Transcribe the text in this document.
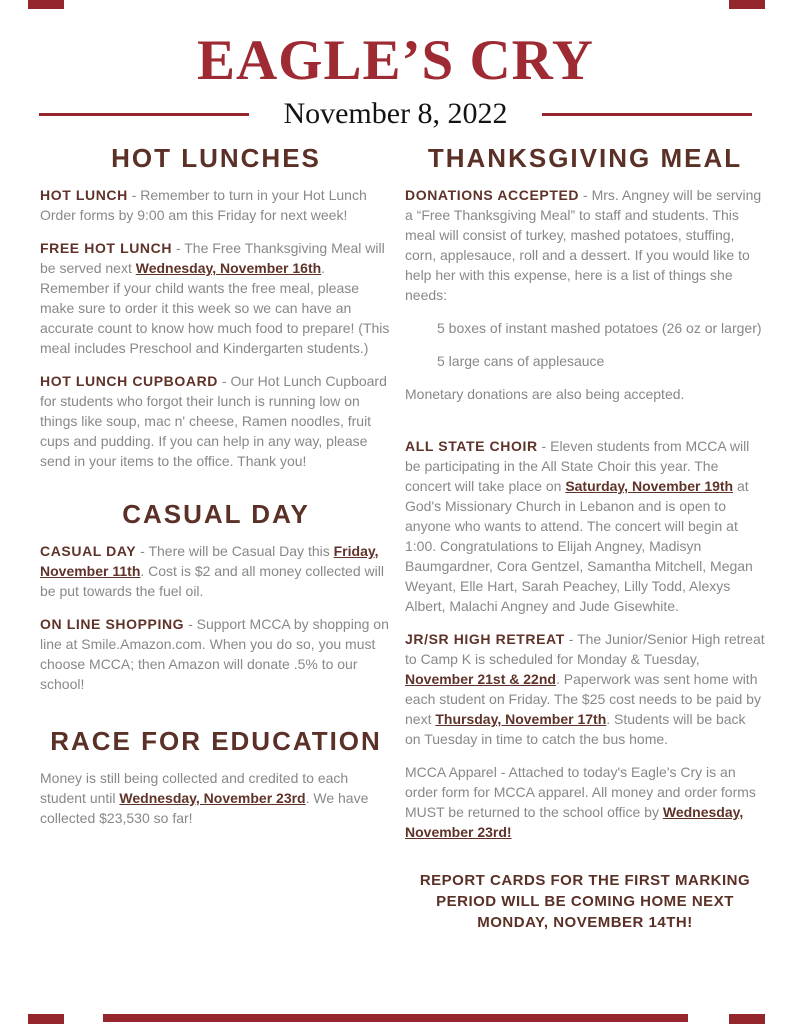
EAGLE’S CRY
November 8, 2022
HOT LUNCHES

HOT LUNCH - Remember to turn in your Hot Lunch Order forms by 9:00 am this Friday for next week!

FREE HOT LUNCH - The Free Thanksgiving Meal will be served next Wednesday, November 16th. Remember if your child wants the free meal, please make sure to order it this week so we can have an accurate count to know how much food to prepare! (This meal includes Preschool and Kindergarten students.)

HOT LUNCH CUPBOARD - Our Hot Lunch Cupboard for students who forgot their lunch is running low on things like soup, mac n' cheese, Ramen noodles, fruit cups and pudding. If you can help in any way, please send in your items to the office. Thank you!

CASUAL DAY

CASUAL DAY - There will be Casual Day this Friday, November 11th. Cost is $2 and all money collected will be put towards the fuel oil.

ON LINE SHOPPING - Support MCCA by shopping on line at Smile.Amazon.com. When you do so, you must choose MCCA; then Amazon will donate .5% to our school!

RACE FOR EDUCATION

Money is still being collected and credited to each student until Wednesday, November 23rd. We have collected $23,530 so far!

THANKSGIVING MEAL

DONATIONS ACCEPTED - Mrs. Angney will be serving a “Free Thanksgiving Meal” to staff and students. This meal will consist of turkey, mashed potatoes, stuffing, corn, applesauce, roll and a dessert. If you would like to help her with this expense, here is a list of things she needs:

5 boxes of instant mashed potatoes (26 oz or larger)
5 large cans of applesauce

Monetary donations are also being accepted.

ALL STATE CHOIR - Eleven students from MCCA will be participating in the All State Choir this year. The concert will take place on Saturday, November 19th at God's Missionary Church in Lebanon and is open to anyone who wants to attend. The concert will begin at 1:00. Congratulations to Elijah Angney, Madisyn Baumgardner, Cora Gentzel, Samantha Mitchell, Megan Weyant, Elle Hart, Sarah Peachey, Lilly Todd, Alexys Albert, Malachi Angney and Jude Gisewhite.

JR/SR HIGH RETREAT - The Junior/Senior High retreat to Camp K is scheduled for Monday & Tuesday, November 21st & 22nd. Paperwork was sent home with each student on Friday. The $25 cost needs to be paid by next Thursday, November 17th. Students will be back on Tuesday in time to catch the bus home.

MCCA Apparel - Attached to today's Eagle's Cry is an order form for MCCA apparel. All money and order forms MUST be returned to the school office by Wednesday, November 23rd!

REPORT CARDS FOR THE FIRST MARKING PERIOD WILL BE COMING HOME NEXT MONDAY, NOVEMBER 14TH!
